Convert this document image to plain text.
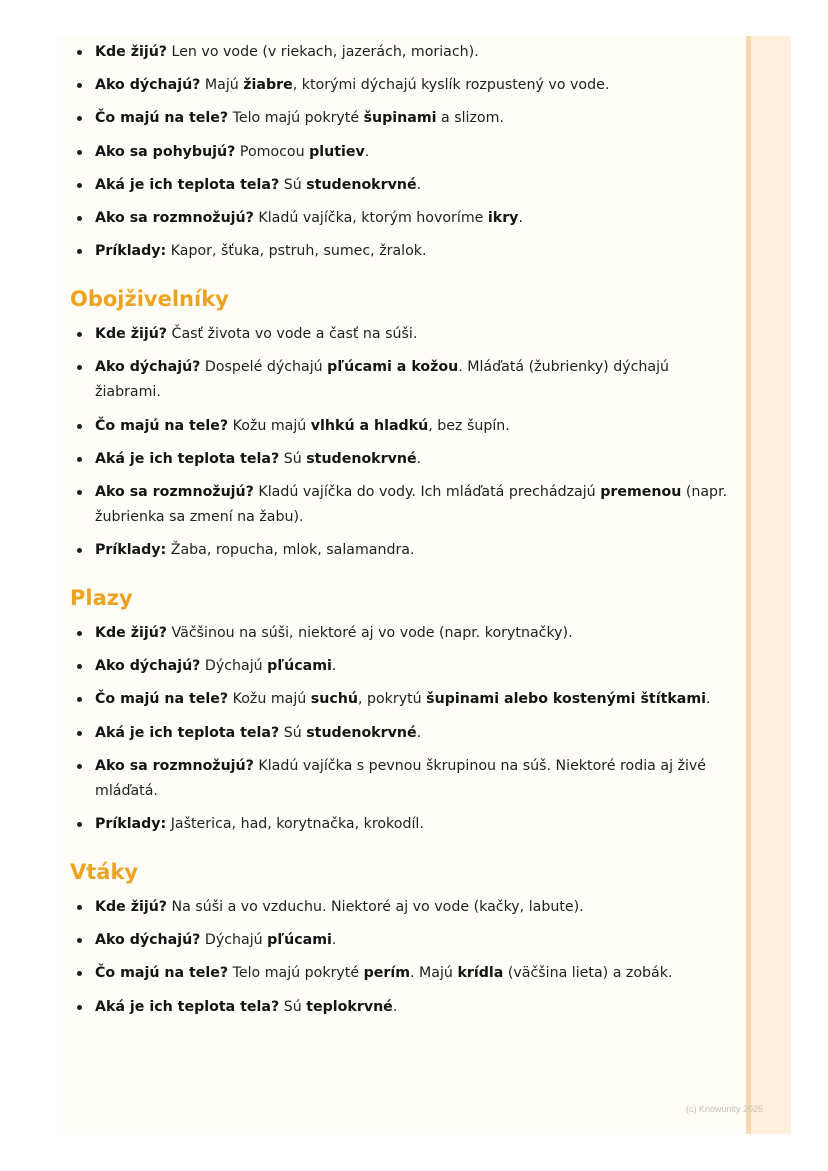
Kde žijú? Len vo vode (v riekach, jazerách, moriach).
Ako dýchajú? Majú žiabre, ktorými dýchajú kyslík rozpustený vo vode.
Čo majú na tele? Telo majú pokryté šupinami a slizom.
Ako sa pohybujú? Pomocou plutiev.
Aká je ich teplota tela? Sú studenokrvné.
Ako sa rozmnožujú? Kladú vajíčka, ktorým hovoríme ikry.
Príklady: Kapor, šťuka, pstruh, sumec, žralok.
Obojživelníky
Kde žijú? Časť života vo vode a časť na súši.
Ako dýchajú? Dospelé dýchajú pľúcami a kožou. Mláďatá (žubrienky) dýchajú žiabrami.
Čo majú na tele? Kožu majú vlhkú a hladkú, bez šupín.
Aká je ich teplota tela? Sú studenokrvné.
Ako sa rozmnožujú? Kladú vajíčka do vody. Ich mláďatá prechádzajú premenou (napr. žubrienka sa zmení na žabu).
Príklady: Žaba, ropucha, mlok, salamandra.
Plazy
Kde žijú? Väčšinou na súši, niektoré aj vo vode (napr. korytnačky).
Ako dýchajú? Dýchajú pľúcami.
Čo majú na tele? Kožu majú suchú, pokrytú šupinami alebo kostenými štítkami.
Aká je ich teplota tela? Sú studenokrvné.
Ako sa rozmnožujú? Kladú vajíčka s pevnou škrupinou na súš. Niektoré rodia aj živé mláďatá.
Príklady: Jašterica, had, korytnačka, krokodíl.
Vtáky
Kde žijú? Na súši a vo vzduchu. Niektoré aj vo vode (kačky, labute).
Ako dýchajú? Dýchajú pľúcami.
Čo majú na tele? Telo majú pokryté perím. Majú krídla (väčšina lieta) a zobák.
Aká je ich teplota tela? Sú teplokrvné.
(c) Knowunity 2025
